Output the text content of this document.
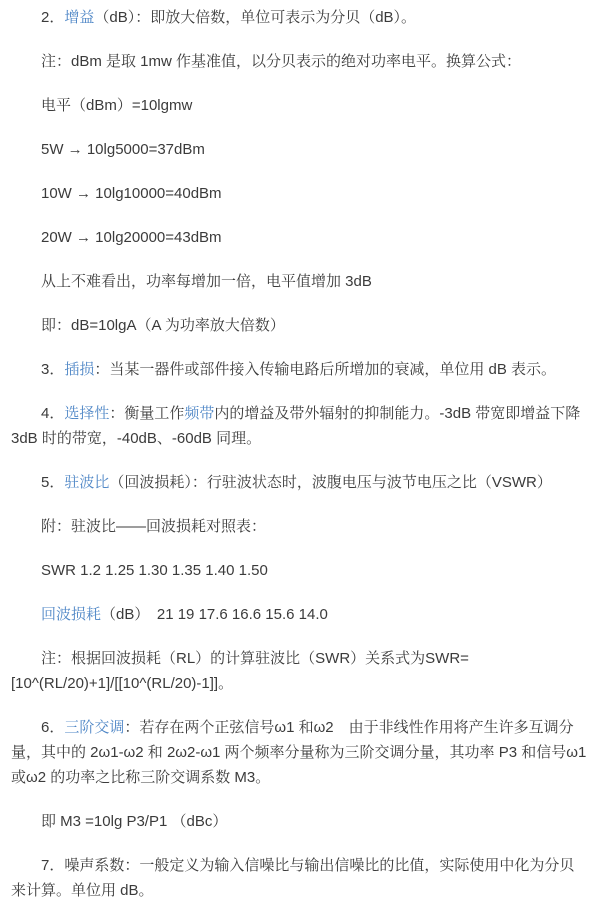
2．增益（dB）：即放大倍数，单位可表示为分贝（dB）。

注：dBm 是取 1mw 作基准值，以分贝表示的绝对功率电平。换算公式：

电平（dBm）=10lgmw

5W → 10lg5000=37dBm

10W → 10lg10000=40dBm

20W → 10lg20000=43dBm

从上不难看出，功率每增加一倍，电平值增加 3dB

即：dB=10lgA（A 为功率放大倍数）

3．插损：当某一器件或部件接入传输电路后所增加的衰减，单位用 dB 表示。

4．选择性：衡量工作频带内的增益及带外辐射的抑制能力。-3dB 带宽即增益下降 3dB 时的带宽，-40dB、-60dB 同理。

5．驻波比（回波损耗）：行驻波状态时，波腹电压与波节电压之比（VSWR）

附：驻波比——回波损耗对照表：

SWR 1.2 1.25 1.30 1.35 1.40 1.50

回波损耗（dB）　21 19 17.6 16.6 15.6 14.0

注：根据回波损耗（RL）的计算驻波比（SWR）关系式为SWR=[10^(RL/20)+1]/[[10^(RL/20)-1]]。

6．三阶交调：若存在两个正弦信号ω1 和ω2　由于非线性作用将产生许多互调分量，其中的 2ω1-ω2 和 2ω2-ω1 两个频率分量称为三阶交调分量，其功率 P3 和信号ω1 或ω2 的功率之比称三阶交调系数 M3。

即 M3 =10lg P3/P1 （dBc）

7．噪声系数：一般定义为输入信噪比与输出信噪比的比值，实际使用中化为分贝来计算。单位用 dB。
